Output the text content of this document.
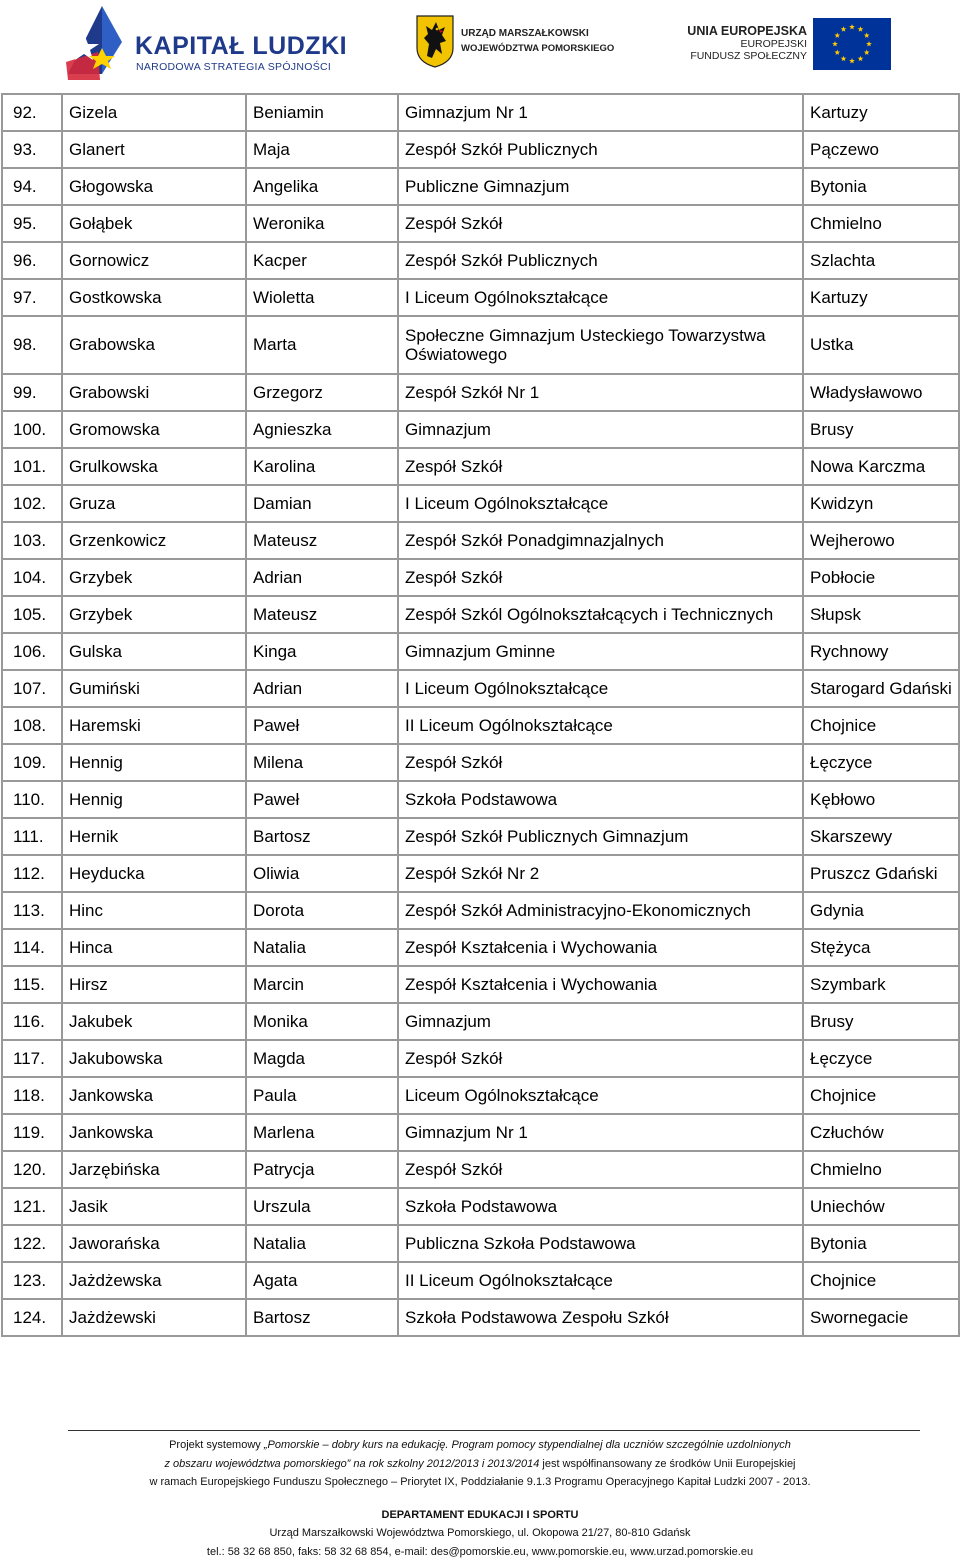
KAPITAŁ LUDZKI
NARODOWA STRATEGIA SPÓJNOŚCI
URZĄD MARSZAŁKOWSKI
WOJEWÓDZTWA POMORSKIEGO
UNIA EUROPEJSKA
EUROPEJSKI
FUNDUSZ SPOŁECZNY
92.	Gizela	Beniamin	Gimnazjum Nr 1	Kartuzy
93.	Glanert	Maja	Zespół Szkół Publicznych	Pączewo
94.	Głogowska	Angelika	Publiczne Gimnazjum	Bytonia
95.	Gołąbek	Weronika	Zespół Szkół	Chmielno
96.	Gornowicz	Kacper	Zespół Szkół Publicznych	Szlachta
97.	Gostkowska	Wioletta	I Liceum Ogólnokształcące	Kartuzy
98.	Grabowska	Marta	Społeczne Gimnazjum Usteckiego Towarzystwa Oświatowego	Ustka
99.	Grabowski	Grzegorz	Zespół Szkół Nr 1	Władysławowo
100.	Gromowska	Agnieszka	Gimnazjum	Brusy
101.	Grulkowska	Karolina	Zespół Szkół	Nowa Karczma
102.	Gruza	Damian	I Liceum Ogólnokształcące	Kwidzyn
103.	Grzenkowicz	Mateusz	Zespół Szkół Ponadgimnazjalnych	Wejherowo
104.	Grzybek	Adrian	Zespół Szkół	Pobłocie
105.	Grzybek	Mateusz	Zespół Szkól Ogólnokształcących i Technicznych	Słupsk
106.	Gulska	Kinga	Gimnazjum Gminne	Rychnowy
107.	Gumiński	Adrian	I Liceum Ogólnokształcące	Starogard Gdański
108.	Haremski	Paweł	II Liceum Ogólnokształcące	Chojnice
109.	Hennig	Milena	Zespół Szkół	Łęczyce
110.	Hennig	Paweł	Szkoła Podstawowa	Kębłowo
111.	Hernik	Bartosz	Zespół Szkół Publicznych Gimnazjum	Skarszewy
112.	Heyducka	Oliwia	Zespół Szkół Nr 2	Pruszcz Gdański
113.	Hinc	Dorota	Zespół Szkół Administracyjno-Ekonomicznych	Gdynia
114.	Hinca	Natalia	Zespół Kształcenia i Wychowania	Stężyca
115.	Hirsz	Marcin	Zespół Kształcenia i Wychowania	Szymbark
116.	Jakubek	Monika	Gimnazjum	Brusy
117.	Jakubowska	Magda	Zespół Szkół	Łęczyce
118.	Jankowska	Paula	Liceum Ogólnokształcące	Chojnice
119.	Jankowska	Marlena	Gimnazjum Nr 1	Człuchów
120.	Jarzębińska	Patrycja	Zespół Szkół	Chmielno
121.	Jasik	Urszula	Szkoła Podstawowa	Uniechów
122.	Jaworańska	Natalia	Publiczna Szkoła Podstawowa	Bytonia
123.	Jażdżewska	Agata	II Liceum Ogólnokształcące	Chojnice
124.	Jażdżewski	Bartosz	Szkoła Podstawowa Zespołu Szkół	Swornegacie
Projekt systemowy „Pomorskie – dobry kurs na edukację. Program pomocy stypendialnej dla uczniów szczególnie uzdolnionych
z obszaru województwa pomorskiego” na rok szkolny 2012/2013 i 2013/2014 jest współfinansowany ze środków Unii Europejskiej
w ramach Europejskiego Funduszu Społecznego – Priorytet IX, Poddziałanie 9.1.3 Programu Operacyjnego Kapitał Ludzki 2007 - 2013.
DEPARTAMENT EDUKACJI I SPORTU
Urząd Marszałkowski Województwa Pomorskiego, ul. Okopowa 21/27, 80-810 Gdańsk
tel.: 58 32 68 850, faks: 58 32 68 854, e-mail: des@pomorskie.eu, www.pomorskie.eu, www.urzad.pomorskie.eu
